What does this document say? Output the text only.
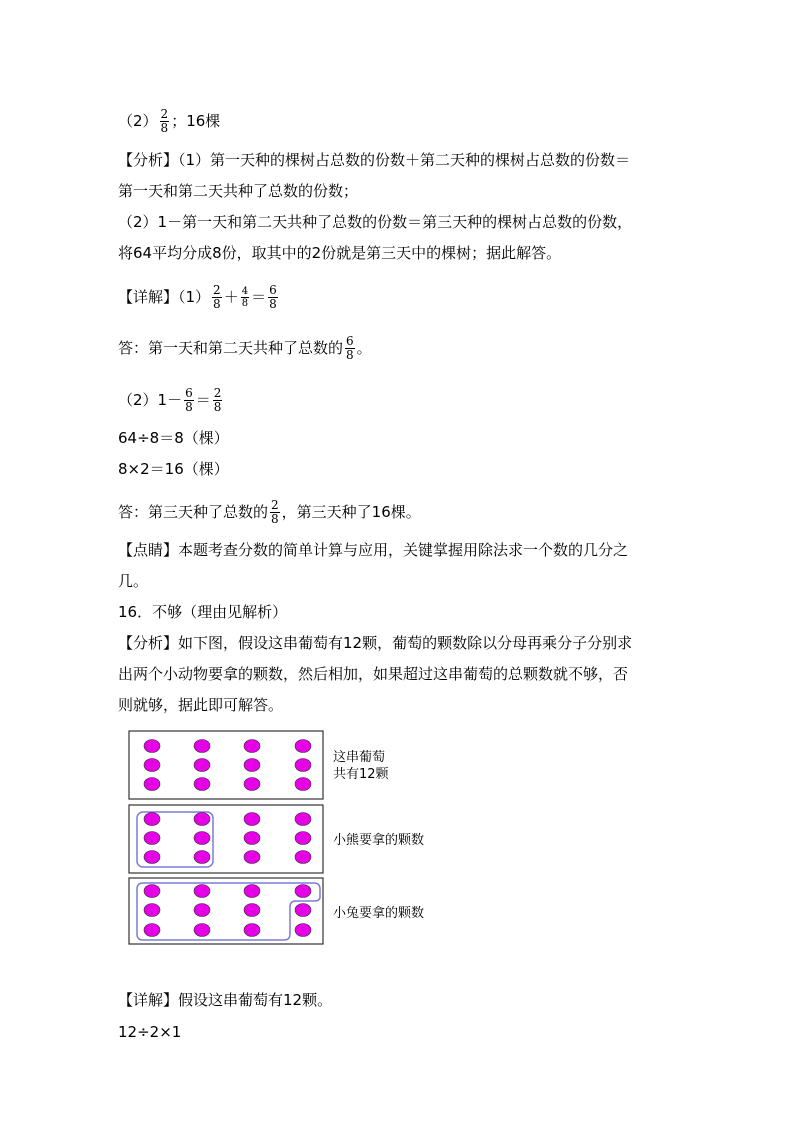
$(2) \frac{2}{8}$ ；16棵
【分析】（1）第一天种的棵树占总数的份数＋第二天种的棵树占总数的份数＝
第一天和第二天共种了总数的份数；
（2）1－第一天和第二天共种了总数的份数＝第三天种的棵树占总数的份数，
将64平均分成8份，取其中的2份就是第三天中的棵树；据此解答。
【详解】$(1) \frac{2}{8} + \frac{4}{8} = \frac{6}{8}$
答：第一天和第二天共种了总数的 $\frac{6}{8}$ 。
$(2)1- \frac{6}{8} = \frac{2}{8}$
64÷8＝8（棵）
8×2＝16（棵）
答：第三天种了总数的 $\frac{2}{8}$ ，第三天种了16棵。
【点睛】本题考查分数的简单计算与应用，关键掌握用除法求一个数的几分之
几。
16．不够（理由见解析）
【分析】如下图，假设这串葡萄有12颗，葡萄的颗数除以分母再乘分子分别求
出两个小动物要拿的颗数，然后相加，如果超过这串葡萄的总颗数就不够，否
则就够，据此即可解答。
这串葡萄
共有12颗
小熊要拿的颗数
小兔要拿的颗数
【详解】假设这串葡萄有12颗。
12÷2×1
